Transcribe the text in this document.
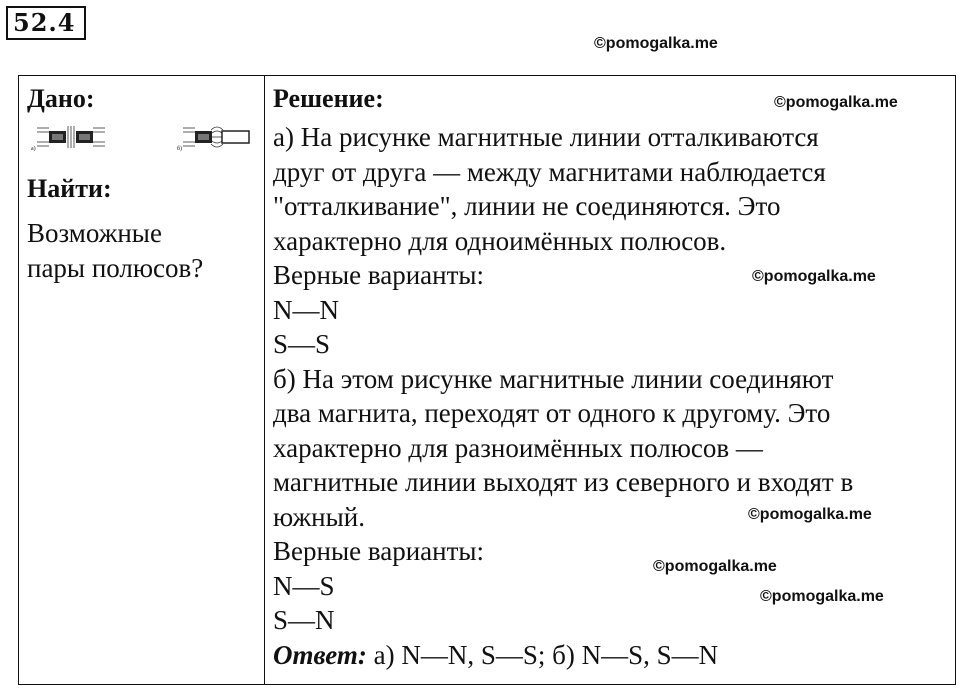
52.4
©pomogalka.me
©pomogalka.me
©pomogalka.me
©pomogalka.me
©pomogalka.me
©pomogalka.me

Дано:

а)	б)

Найти:

Возможные

пары полюсов?

Решение:

а) На рисунке магнитные линии отталкиваются

друг от друга — между магнитами наблюдается

"отталкивание", линии не соединяются. Это

характерно для одноимённых полюсов.

Верные варианты:

N—N

S—S

б) На этом рисунке магнитные линии соединяют

два магнита, переходят от одного к другому. Это

характерно для разноимённых полюсов —

магнитные линии выходят из северного и входят в

южный.

Верные варианты:

N—S

S—N

Ответ: а) N—N, S—S; б) N—S, S—N
